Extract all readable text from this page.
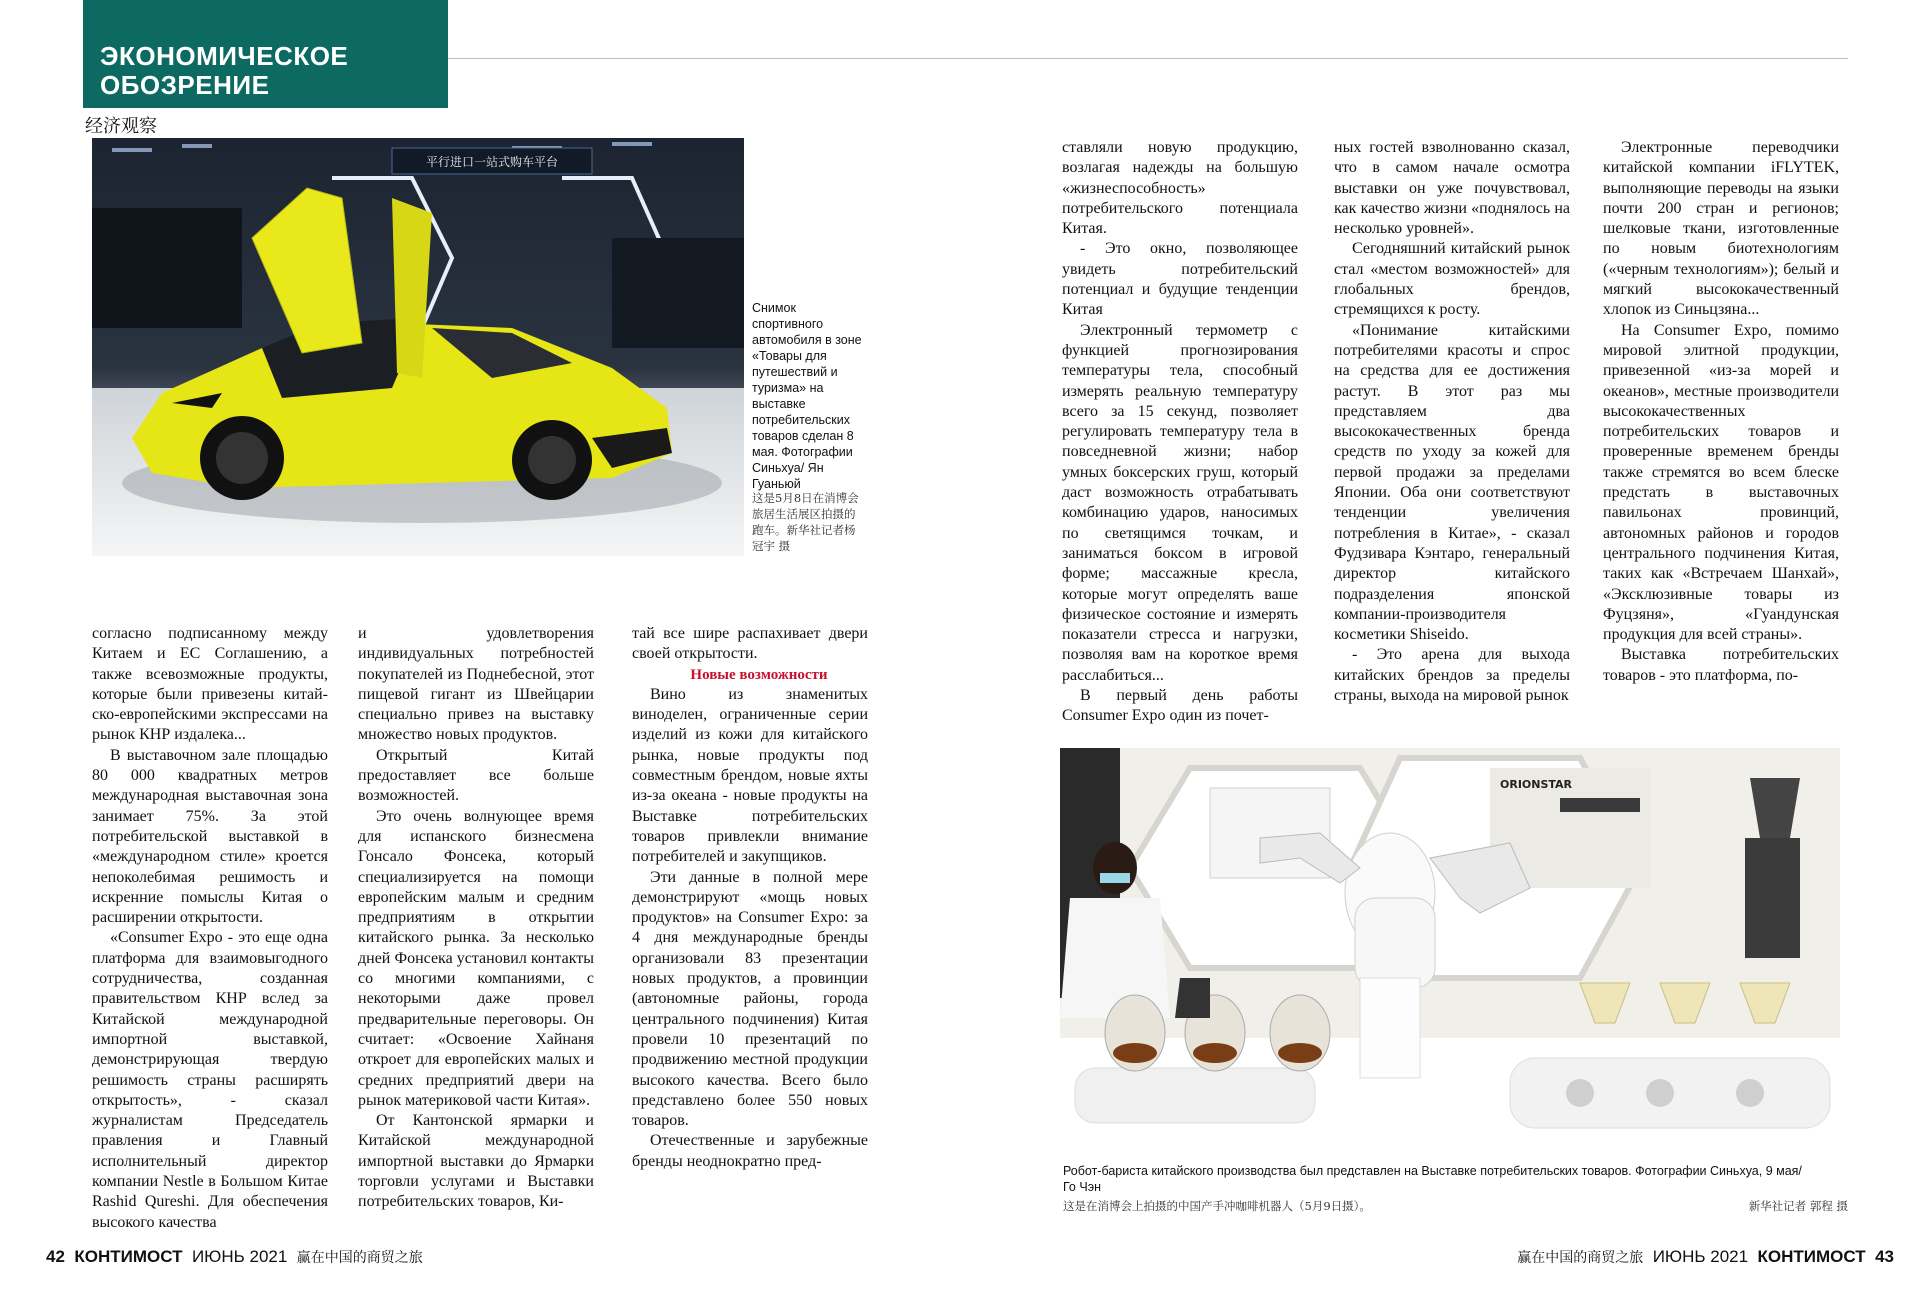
ЭКОНОМИЧЕСКОЕ
ОБОЗРЕНИЕ
经济观察
平行进口一站式购车平台
Снимок спортивного автомобиля в зоне «Товары для путешествий и туризма» на выставке потребительских товаров сделан 8 мая. Фотографии Синьхуа/ Ян Гуаньюй
这是5月8日在消博会旅居生活展区拍摄的跑车。新华社记者杨冠宇 摄
ORIONSTAR
Робот-бариста китайского производства был представлен на Выставке потребительских товаров. Фотографии Синьхуа, 9 мая/
Го Чэн
这是在消博会上拍摄的中国产手冲咖啡机器人（5月9日摄）。	新华社记者 郭程 摄

согласно подписанному между Китаем и ЕС Соглашению, а также всевозможные продукты, которые были привезены китай-ско-европейскими экспрессами на рынок КНР издалека...

В выставочном зале площадью 80 000 квадратных метров международная выставочная зона занимает 75%. За этой потребительской выставкой в «международном стиле» кроется непоколебимая решимость и искренние помыслы Китая о расширении открытости.

«Consumer Expo - это еще одна платформа для взаимовыгодного сотрудничества, созданная правительством КНР вслед за Китайской международной импортной выставкой, демонстрирующая твердую решимость страны расширять открытость», - сказал журналистам Председатель правления и Главный исполнительный директор компании Nestle в Большом Китае Rashid Qureshi. Для обеспечения высокого качества

и удовлетворения индивидуальных потребностей покупателей из Поднебесной, этот пищевой гигант из Швейцарии специально привез на выставку множество новых продуктов.

Открытый Китай предоставляет все больше возможностей.

Это очень волнующее время для испанского бизнесмена Гонсало Фонсека, который специализируется на помощи европейским малым и средним предприятиям в открытии китайского рынка. За несколько дней Фонсека установил контакты со многими компаниями, с некоторыми даже провел предварительные переговоры. Он считает: «Освоение Хайнаня откроет для европейских малых и средних предприятий двери на рынок материковой части Китая».

От Кантонской ярмарки и Китайской международной импортной выставки до Ярмарки торговли услугами и Выставки потребительских товаров, Ки-

тай все шире распахивает двери своей открытости.

Новые возможности

Вино из знаменитых виноделен, ограниченные серии изделий из кожи для китайского рынка, новые продукты под совместным брендом, новые яхты из-за океана - новые продукты на Выставке потребительских товаров привлекли внимание потребителей и закупщиков.

Эти данные в полной мере демонстрируют «мощь новых продуктов» на Consumer Expo: за 4 дня международные бренды организовали 83 презентации новых продуктов, а провинции (автономные районы, города центрального подчинения) Китая провели 10 презентаций по продвижению местной продукции высокого качества. Всего было представлено более 550 новых товаров.

Отечественные и зарубежные бренды неоднократно пред-

ставляли новую продукцию, возлагая надежды на большую «жизнеспособность» потребительского потенциала Китая.

- Это окно, позволяющее увидеть потребительский потенциал и будущие тенденции Китая

Электронный термометр с функцией прогнозирования температуры тела, способный измерять реальную температуру всего за 15 секунд, позволяет регулировать температуру тела в повседневной жизни; набор умных боксерских груш, который даст возможность отрабатывать комбинацию ударов, наносимых по светящимся точкам, и заниматься боксом в игровой форме; массажные кресла, которые могут определять ваше физическое состояние и измерять показатели стресса и нагрузки, позволяя вам на короткое время расслабиться...

В первый день работы Consumer Expo один из почет-

ных гостей взволнованно сказал, что в самом начале осмотра выставки он уже почувствовал, как качество жизни «поднялось на несколько уровней».

Сегодняшний китайский рынок стал «местом возможностей» для глобальных брендов, стремящихся к росту.

«Понимание китайскими потребителями красоты и спрос на средства для ее достижения растут. В этот раз мы представляем два высококачественных бренда средств по уходу за кожей для первой продажи за пределами Японии. Оба они соответствуют тенденции увеличения потребления в Китае», - сказал Фудзивара Кэнтаро, генеральный директор китайского подразделения японской компании-производителя косметики Shiseido.

- Это арена для выхода китайских брендов за пределы страны, выхода на мировой рынок

Электронные переводчики китайской компании iFLYTEK, выполняющие переводы на языки почти 200 стран и регионов; шелковые ткани, изготовленные по новым биотехнологиям («черным технологиям»); белый и мягкий высококачественный хлопок из Синьцзяна...

На Consumer Expo, помимо мировой элитной продукции, привезенной «из-за морей и океанов», местные производители высококачественных потребительских товаров и проверенные временем бренды также стремятся во всем блеске предстать в выставочных павильонах провинций, автономных районов и городов центрального подчинения Китая, таких как «Встречаем Шанхай», «Эксклюзивные товары из Фуцзяня», «Гуандунская продукция для всей страны».

Выставка потребительских товаров - это платформа, по-

42 КОНТИМОСТ ИЮНЬ 2021 赢在中国的商贸之旅	赢在中国的商贸之旅 ИЮНЬ 2021 КОНТИМОСТ 43
